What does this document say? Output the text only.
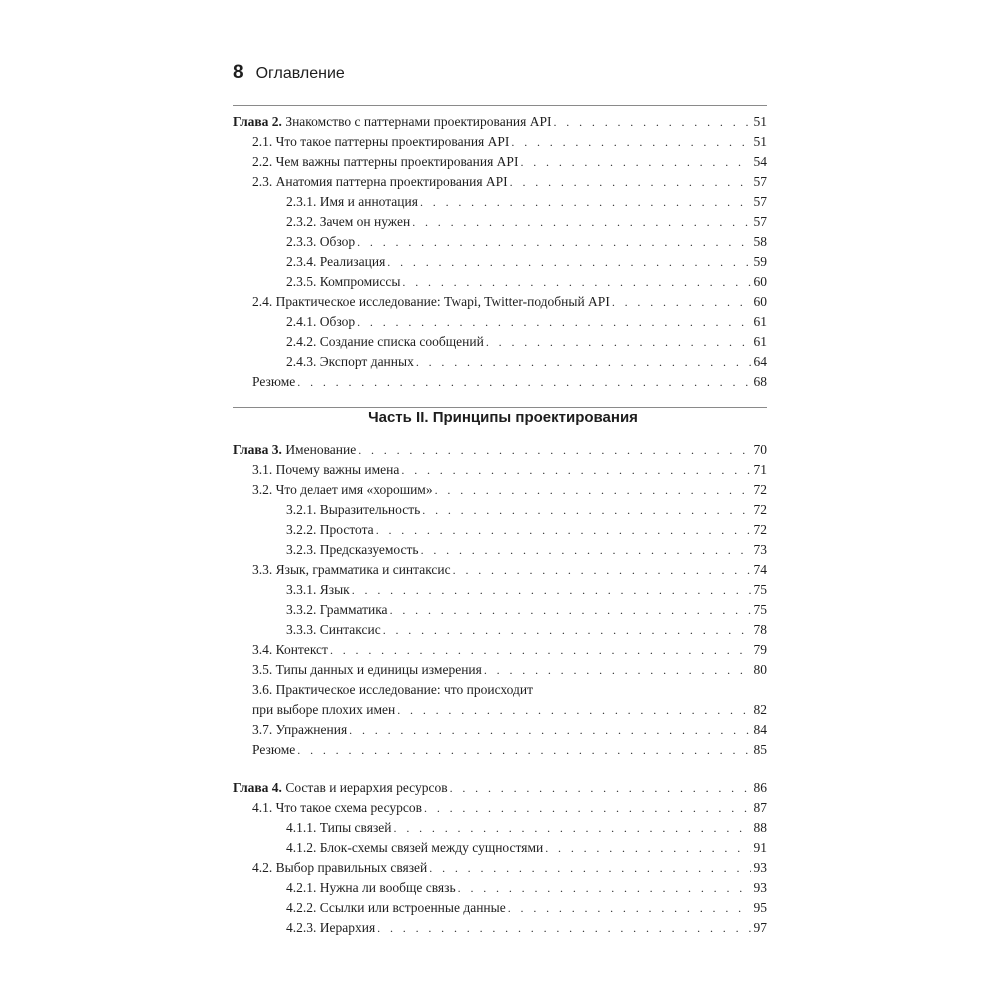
8 Оглавление
Глава 2. Знакомство с паттернами проектирования API . . .	51
2.1. Что такое паттерны проектирования API . . .	51
2.2. Чем важны паттерны проектирования API . . .	54
2.3. Анатомия паттерна проектирования API . . .	57
2.3.1. Имя и аннотация . . .	57
2.3.2. Зачем он нужен . . .	57
2.3.3. Обзор . . .	58
2.3.4. Реализация . . .	59
2.3.5. Компромиссы . . .	60
2.4. Практическое исследование: Twapi, Twitter-подобный API . . .	60
2.4.1. Обзор . . .	61
2.4.2. Создание списка сообщений . . .	61
2.4.3. Экспорт данных . . .	64
Резюме . . .	68
Часть II. Принципы проектирования
Глава 3. Именование . . .	70
3.1. Почему важны имена . . .	71
3.2. Что делает имя «хорошим» . . .	72
3.2.1. Выразительность . . .	72
3.2.2. Простота . . .	72
3.2.3. Предсказуемость . . .	73
3.3. Язык, грамматика и синтаксис . . .	74
3.3.1. Язык . . .	75
3.3.2. Грамматика . . .	75
3.3.3. Синтаксис . . .	78
3.4. Контекст . . .	79
3.5. Типы данных и единицы измерения . . .	80
3.6. Практическое исследование: что происходит
при выборе плохих имен . . .	82
3.7. Упражнения . . .	84
Резюме . . .	85
Глава 4. Состав и иерархия ресурсов . . .	86
4.1. Что такое схема ресурсов . . .	87
4.1.1. Типы связей . . .	88
4.1.2. Блок-схемы связей между сущностями . . .	91
4.2. Выбор правильных связей . . .	93
4.2.1. Нужна ли вообще связь . . .	93
4.2.2. Ссылки или встроенные данные . . .	95
4.2.3. Иерархия . . .	97
